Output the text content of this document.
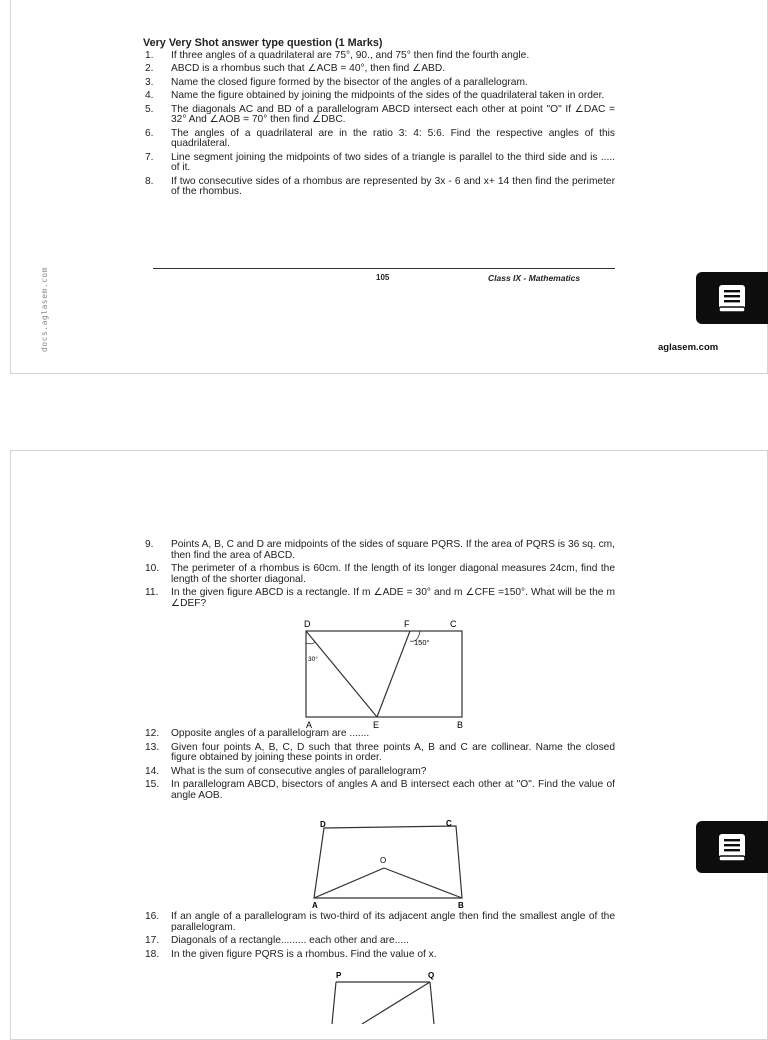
Very Very Shot answer type question (1 Marks)
1.	If three angles of a quadrilateral are 75°, 90., and 75° then find the fourth angle.
2.	ABCD is a rhombus such that ∠ACB = 40°, then find ∠ABD.
3.	Name the closed figure formed by the bisector of the angles of a parallelogram.
4.	Name the figure obtained by joining the midpoints of the sides of the quadrilateral taken in order.
5.	The diagonals AC and BD of a parallelogram ABCD intersect each other at point "O" If ∠DAC = 32° And ∠AOB = 70° then find ∠DBC.
6.	The angles of a quadrilateral are in the ratio 3: 4: 5:6. Find the respective angles of this quadrilateral.
7.	Line segment joining the midpoints of two sides of a triangle is parallel to the third side and is ..... of it.
8.	If two consecutive sides of a rhombus are represented by 3x - 6 and x+ 14 then find the perimeter of the rhombus.
105	Class IX - Mathematics
docs.aglasem.com	aglasem.com
9.	Points A, B, C and D are midpoints of the sides of square PQRS. If the area of PQRS is 36 sq. cm, then find the area of ABCD.
10.	The perimeter of a rhombus is 60cm. If the length of its longer diagonal measures 24cm, find the length of the shorter diagonal.
11.	In the given figure ABCD is a rectangle. If m ∠ADE = 30° and m ∠CFE =150°. What will be the m ∠DEF?
D	F	C
A	E	B
150°
30°
12.	Opposite angles of a parallelogram are .......
13.	Given four points A, B, C, D such that three points A, B and C are collinear. Name the closed figure obtained by joining these points in order.
14.	What is the sum of consecutive angles of parallelogram?
15.	In parallelogram ABCD, bisectors of angles A and B intersect each other at "O". Find the value of angle AOB.
D	C
O
A	B
16.	If an angle of a parallelogram is two-third of its adjacent angle then find the smallest angle of the parallelogram.
17.	Diagonals of a rectangle......... each other and are.....
18.	In the given figure PQRS is a rhombus. Find the value of x.
P	Q
